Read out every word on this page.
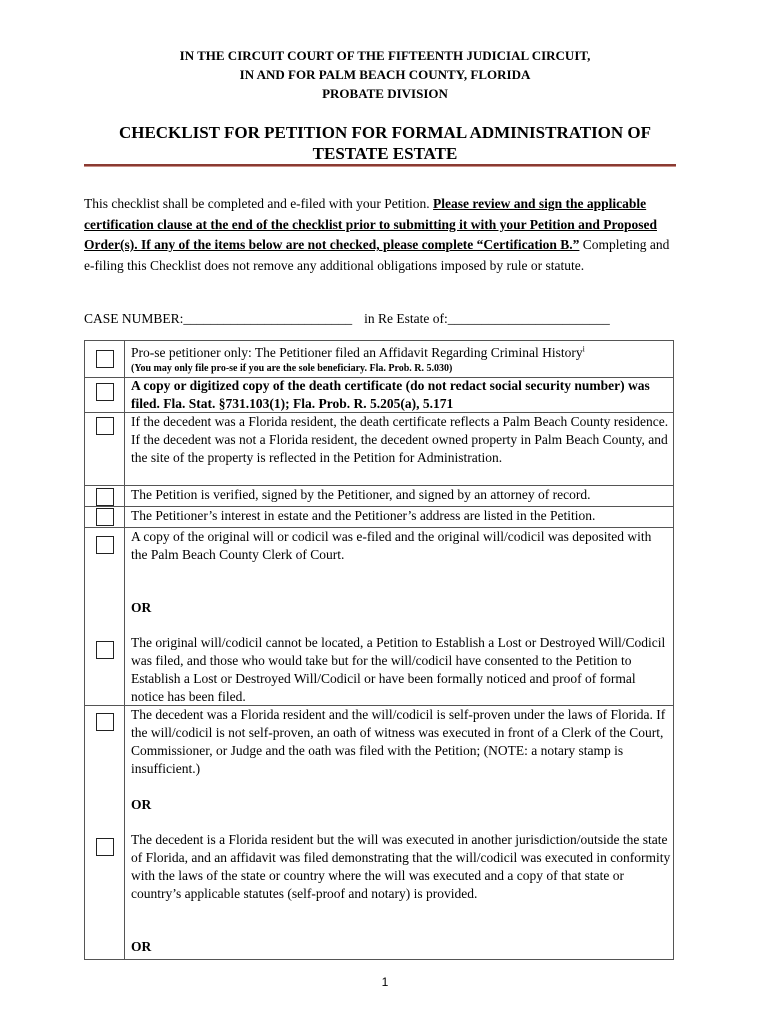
IN THE CIRCUIT COURT OF THE FIFTEENTH JUDICIAL CIRCUIT,
IN AND FOR PALM BEACH COUNTY, FLORIDA
PROBATE DIVISION
CHECKLIST FOR PETITION FOR FORMAL ADMINISTRATION OF
TESTATE ESTATE
This checklist shall be completed and e-filed with your Petition. Please review and sign the applicable certification clause at the end of the checklist prior to submitting it with your Petition and Proposed Order(s). If any of the items below are not checked, please complete “Certification B.” Completing and e-filing this Checklist does not remove any additional obligations imposed by rule or statute.
CASE NUMBER:_________________________ in Re Estate of:________________________
Pro-se petitioner only: The Petitioner filed an Affidavit Regarding Criminal History$^i$
(You may only file pro-se if you are the sole beneficiary. Fla. Prob. R. 5.030)
A copy or digitized copy of the death certificate (do not redact social security number) was filed. Fla. Stat. §731.103(1); Fla. Prob. R. 5.205(a), 5.171
If the decedent was a Florida resident, the death certificate reflects a Palm Beach County residence. If the decedent was not a Florida resident, the decedent owned property in Palm Beach County, and the site of the property is reflected in the Petition for Administration.
The Petition is verified, signed by the Petitioner, and signed by an attorney of record.
The Petitioner’s interest in estate and the Petitioner’s address are listed in the Petition.
A copy of the original will or codicil was e-filed and the original will/codicil was deposited with the Palm Beach County Clerk of Court.
OR
The original will/codicil cannot be located, a Petition to Establish a Lost or Destroyed Will/Codicil was filed, and those who would take but for the will/codicil have consented to the Petition to Establish a Lost or Destroyed Will/Codicil or have been formally noticed and proof of formal notice has been filed.
The decedent was a Florida resident and the will/codicil is self-proven under the laws of Florida. If the will/codicil is not self-proven, an oath of witness was executed in front of a Clerk of the Court, Commissioner, or Judge and the oath was filed with the Petition; (NOTE: a notary stamp is insufficient.)
OR
The decedent is a Florida resident but the will was executed in another jurisdiction/outside the state of Florida, and an affidavit was filed demonstrating that the will/codicil was executed in conformity with the laws of the state or country where the will was executed and a copy of that state or country’s applicable statutes (self-proof and notary) is provided.
OR
1
